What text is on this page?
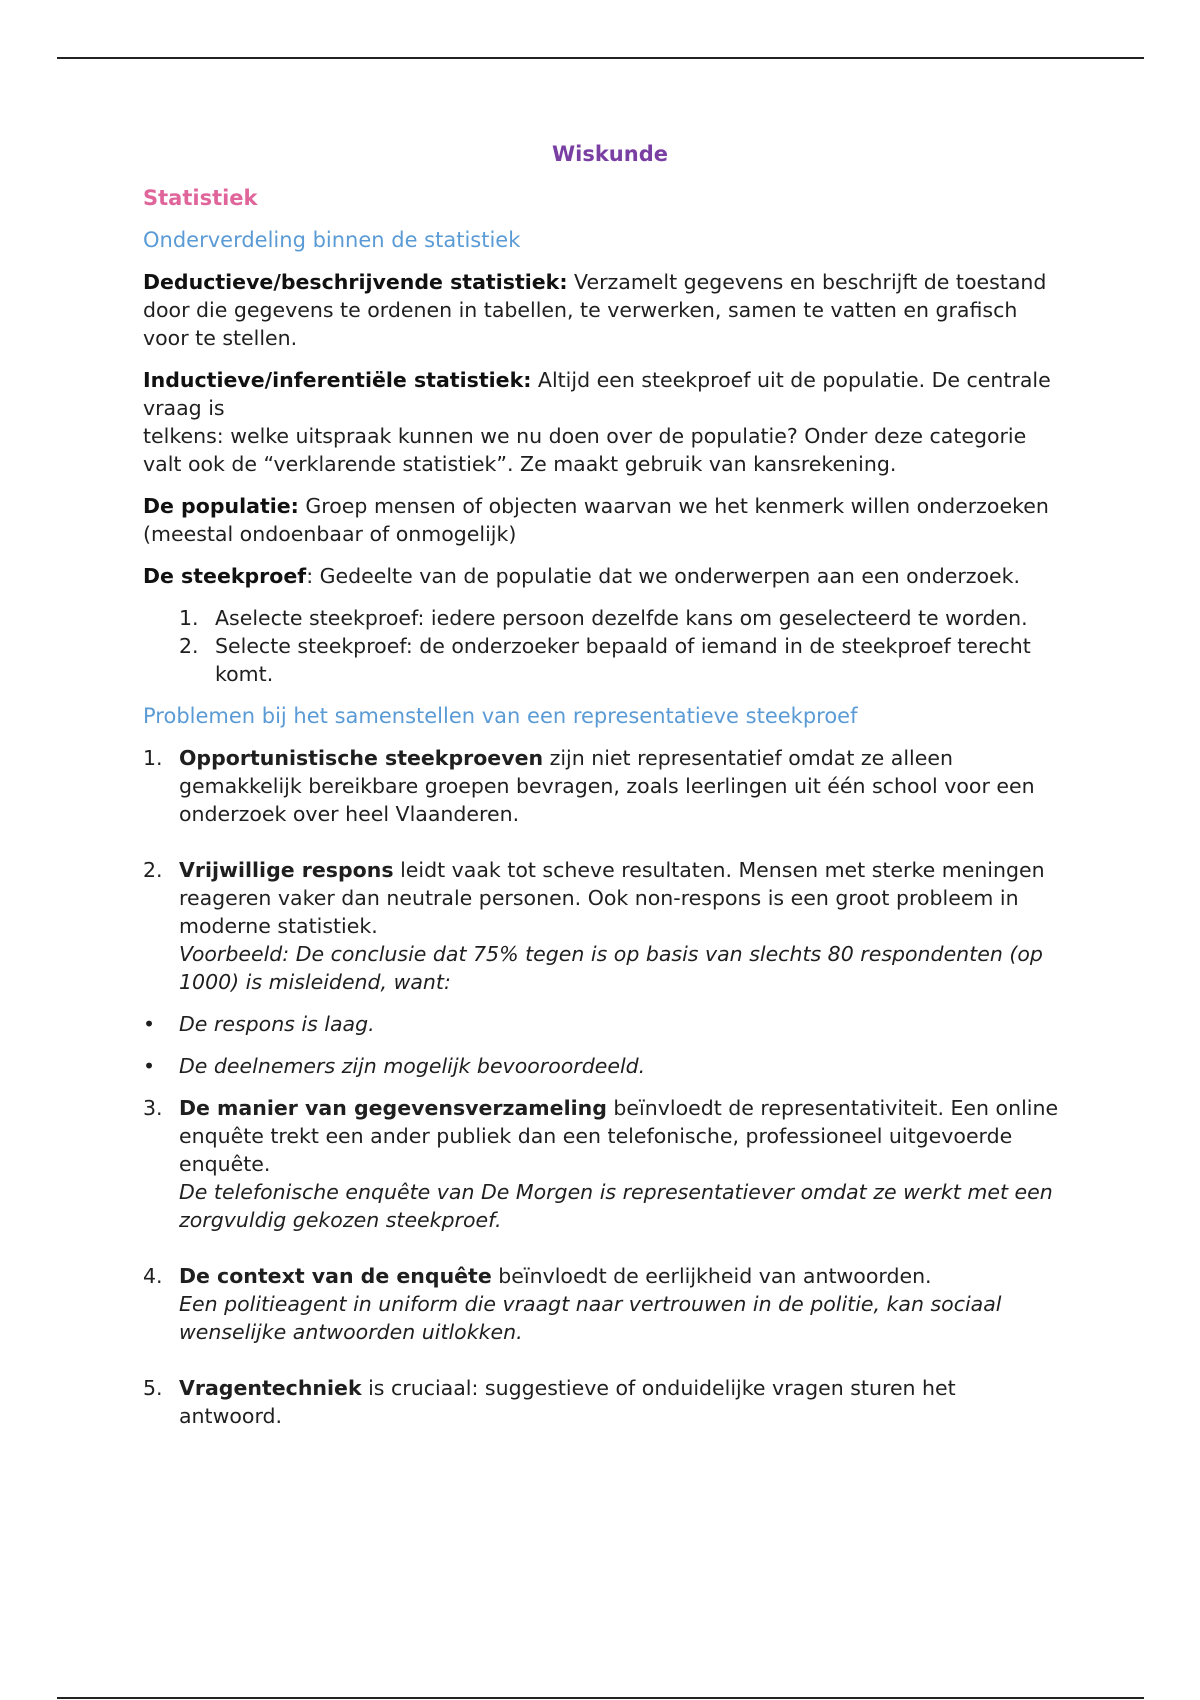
Wiskunde
Statistiek
Onderverdeling binnen de statistiek

Deductieve/beschrijvende statistiek: Verzamelt gegevens en beschrijft de toestand door die gegevens te ordenen in tabellen, te verwerken, samen te vatten en grafisch voor te stellen.

Inductieve/inferentiële statistiek: Altijd een steekproef uit de populatie. De centrale vraag is
telkens: welke uitspraak kunnen we nu doen over de populatie? Onder deze categorie
valt ook de “verklarende statistiek”. Ze maakt gebruik van kansrekening.

De populatie: Groep mensen of objecten waarvan we het kenmerk willen onderzoeken (meestal ondoenbaar of onmogelijk)

De steekproef: Gedeelte van de populatie dat we onderwerpen aan een onderzoek.

1. Aselecte steekproef: iedere persoon dezelfde kans om geselecteerd te worden.
2. Selecte steekproef: de onderzoeker bepaald of iemand in de steekproef terecht komt.
Problemen bij het samenstellen van een representatieve steekproef
1. Opportunistische steekproeven zijn niet representatief omdat ze alleen gemakkelijk bereikbare groepen bevragen, zoals leerlingen uit één school voor een onderzoek over heel Vlaanderen.
2. Vrijwillige respons leidt vaak tot scheve resultaten. Mensen met sterke meningen reageren vaker dan neutrale personen. Ook non-respons is een groot probleem in moderne statistiek.
Voorbeeld: De conclusie dat 75% tegen is op basis van slechts 80 respondenten (op 1000) is misleidend, want:
•	De respons is laag.
•	De deelnemers zijn mogelijk bevooroordeeld.
3. De manier van gegevensverzameling beïnvloedt de representativiteit. Een online enquête trekt een ander publiek dan een telefonische, professioneel uitgevoerde enquête.
De telefonische enquête van De Morgen is representatiever omdat ze werkt met een zorgvuldig gekozen steekproef.
4. De context van de enquête beïnvloedt de eerlijkheid van antwoorden.
Een politieagent in uniform die vraagt naar vertrouwen in de politie, kan sociaal wenselijke antwoorden uitlokken.
5. Vragentechniek is cruciaal: suggestieve of onduidelijke vragen sturen het antwoord.
